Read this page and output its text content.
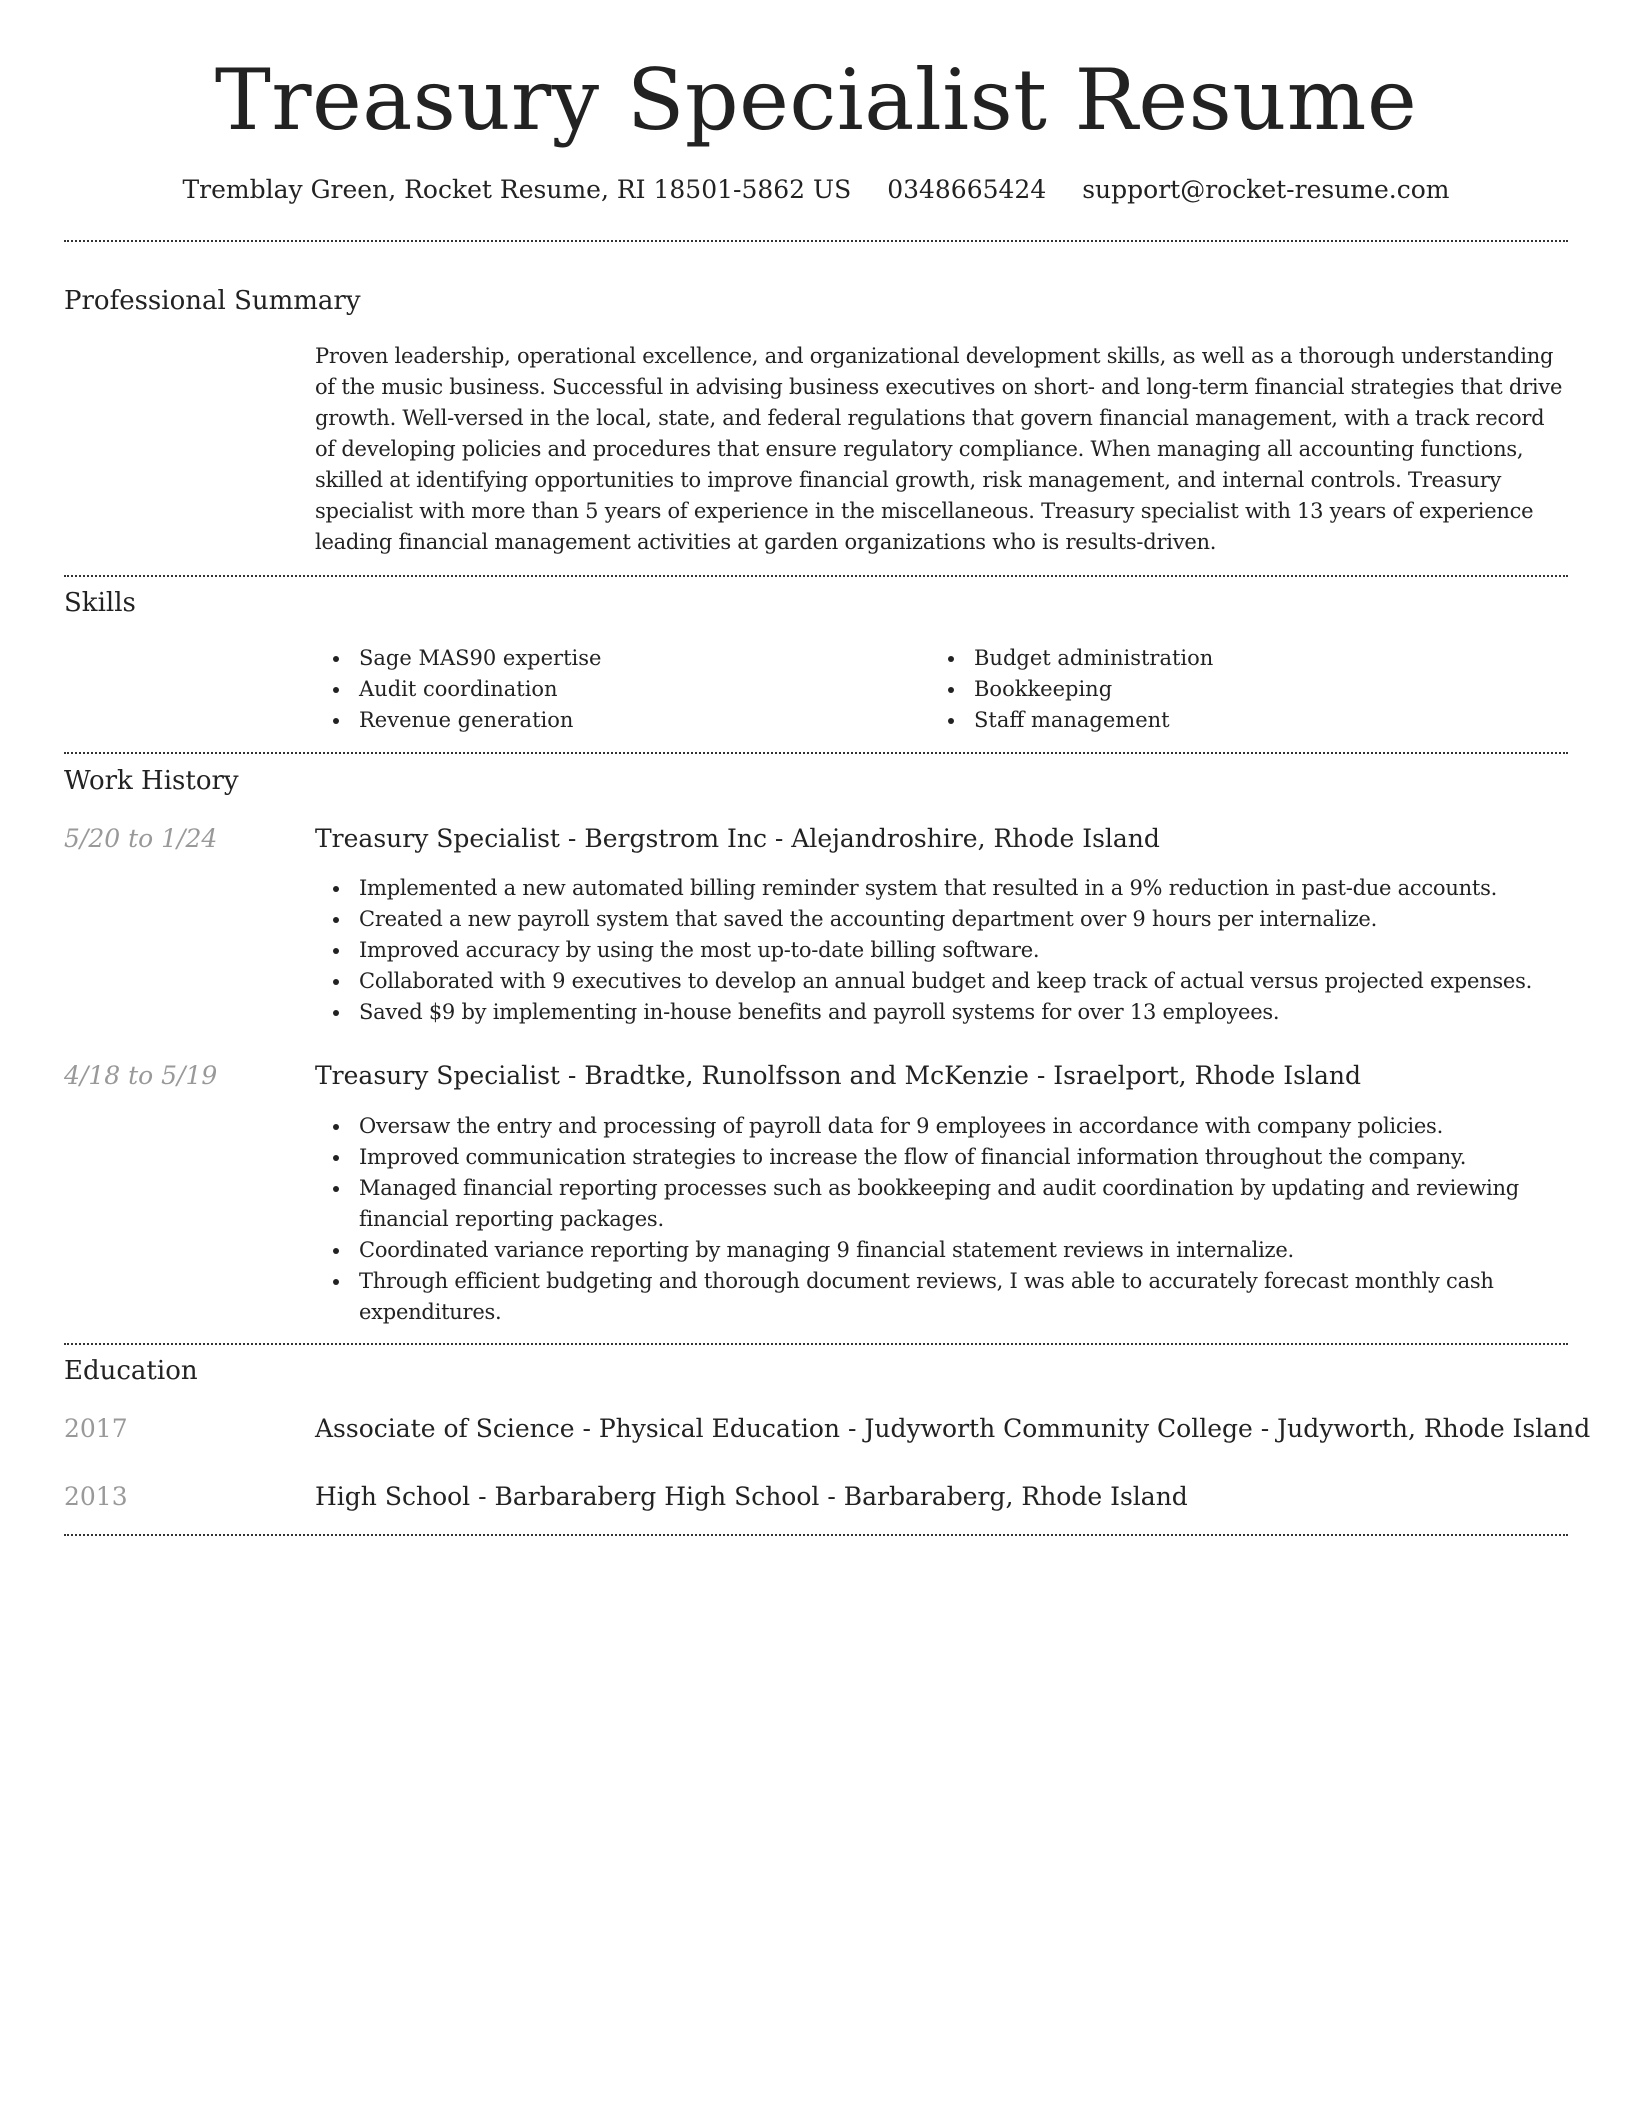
Treasury Specialist Resume
Tremblay Green, Rocket Resume, RI 18501-5862 US 0348665424 support@rocket-resume.com
Professional Summary

Proven leadership, operational excellence, and organizational development skills, as well as a thorough understanding of the music business. Successful in advising business executives on short- and long-term financial strategies that drive growth. Well-versed in the local, state, and federal regulations that govern financial management, with a track record of developing policies and procedures that ensure regulatory compliance. When managing all accounting functions, skilled at identifying opportunities to improve financial growth, risk management, and internal controls. Treasury specialist with more than 5 years of experience in the miscellaneous. Treasury specialist with 13 years of experience leading financial management activities at garden organizations who is results-driven.

Skills
Sage MAS90 expertise
Audit coordination
Revenue generation
Budget administration
Bookkeeping
Staff management
Work History
5/20 to 1/24	Treasury Specialist - Bergstrom Inc - Alejandroshire, Rhode Island
Implemented a new automated billing reminder system that resulted in a 9% reduction in past-due accounts.
Created a new payroll system that saved the accounting department over 9 hours per internalize.
Improved accuracy by using the most up-to-date billing software.
Collaborated with 9 executives to develop an annual budget and keep track of actual versus projected expenses.
Saved $9 by implementing in-house benefits and payroll systems for over 13 employees.
4/18 to 5/19	Treasury Specialist - Bradtke, Runolfsson and McKenzie - Israelport, Rhode Island
Oversaw the entry and processing of payroll data for 9 employees in accordance with company policies.
Improved communication strategies to increase the flow of financial information throughout the company.
Managed financial reporting processes such as bookkeeping and audit coordination by updating and reviewing financial reporting packages.
Coordinated variance reporting by managing 9 financial statement reviews in internalize.
Through efficient budgeting and thorough document reviews, I was able to accurately forecast monthly cash expenditures.
Education
2017	Associate of Science - Physical Education - Judyworth Community College - Judyworth, Rhode Island
2013	High School - Barbaraberg High School - Barbaraberg, Rhode Island
